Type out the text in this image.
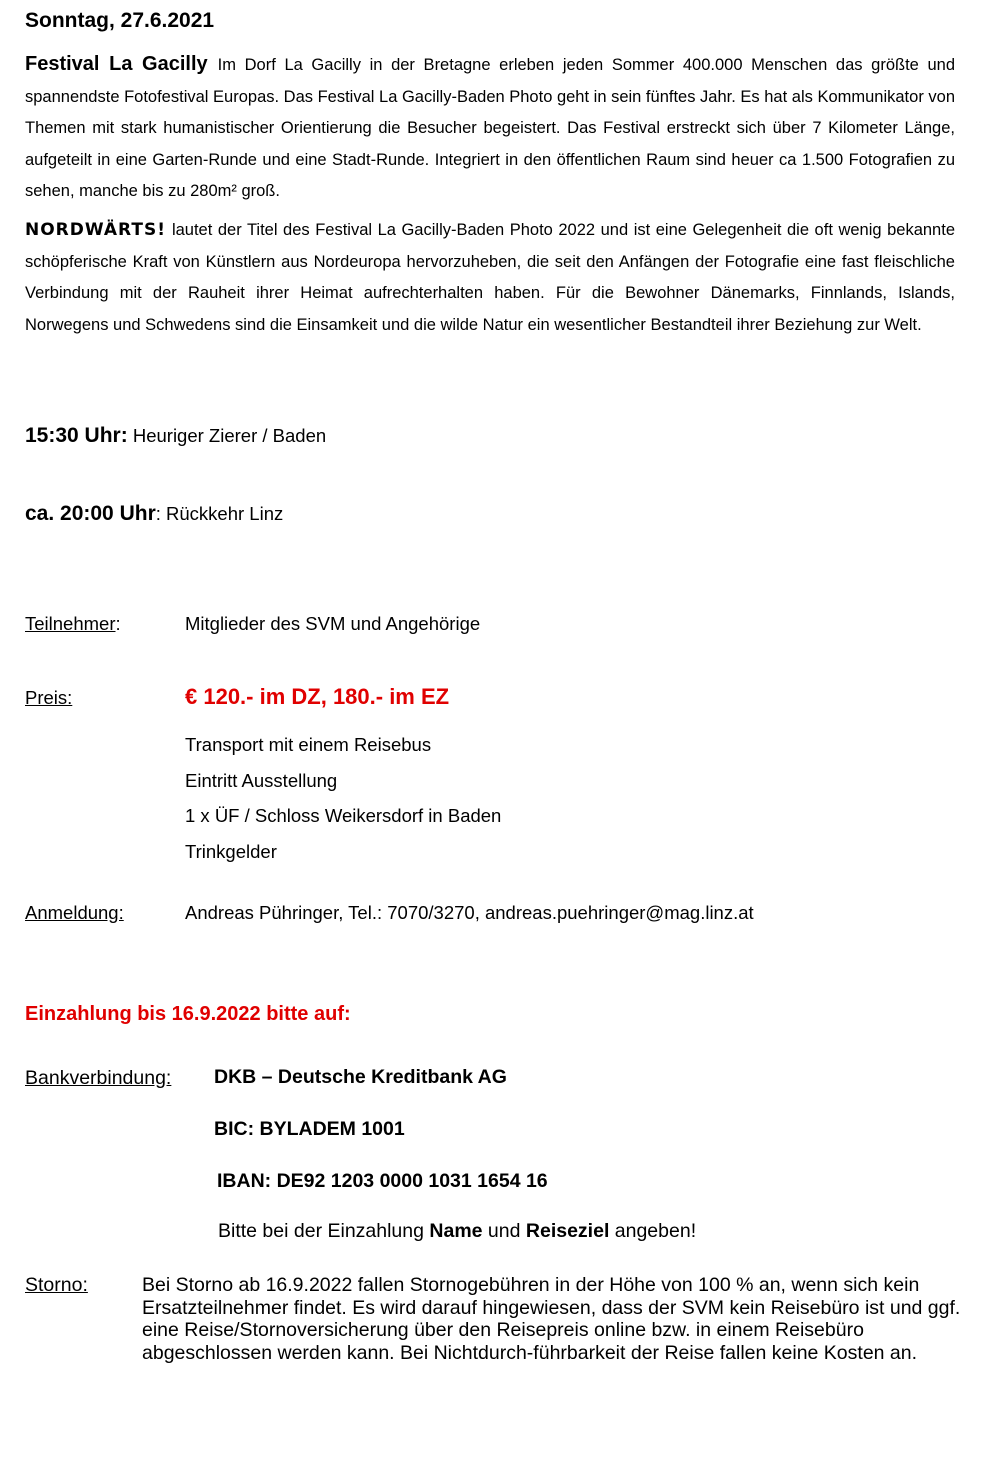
Sonntag, 27.6.2021
Festival La Gacilly Im Dorf La Gacilly in der Bretagne erleben jeden Sommer 400.000 Menschen das größte und spannendste Fotofestival Europas. Das Festival La Gacilly-Baden Photo geht in sein fünftes Jahr. Es hat als Kommunikator von Themen mit stark humanistischer Orientierung die Besucher begeistert. Das Festival erstreckt sich über 7 Kilometer Länge, aufgeteilt in eine Garten-Runde und eine Stadt-Runde. Integriert in den öffentlichen Raum sind heuer ca 1.500 Fotografien zu sehen, manche bis zu 280m² groß.
NORDWÄRTS! lautet der Titel des Festival La Gacilly-Baden Photo 2022 und ist eine Gelegenheit die oft wenig bekannte schöpferische Kraft von Künstlern aus Nordeuropa hervorzuheben, die seit den Anfängen der Fotografie eine fast fleischliche Verbindung mit der Rauheit ihrer Heimat aufrechterhalten haben. Für die Bewohner Dänemarks, Finnlands, Islands, Norwegens und Schwedens sind die Einsamkeit und die wilde Natur ein wesentlicher Bestandteil ihrer Beziehung zur Welt.
15:30 Uhr: Heuriger Zierer / Baden
ca. 20:00 Uhr: Rückkehr Linz
Teilnehmer:	Mitglieder des SVM und Angehörige
Preis:	€ 120.- im DZ, 180.- im EZ
Transport mit einem Reisebus
Eintritt Ausstellung
1 x ÜF / Schloss Weikersdorf in Baden
Trinkgelder
Anmeldung:	Andreas Pühringer, Tel.: 7070/3270, andreas.puehringer@mag.linz.at
Einzahlung bis 16.9.2022 bitte auf:
Bankverbindung: DKB – Deutsche Kreditbank AG
BIC: BYLADEM 1001
IBAN: DE92 1203 0000 1031 1654 16
Bitte bei der Einzahlung Name und Reiseziel angeben!
Storno:	Bei Storno ab 16.9.2022 fallen Stornogebühren in der Höhe von 100 % an, wenn sich kein Ersatzteilnehmer findet. Es wird darauf hingewiesen, dass der SVM kein Reisebüro ist und ggf. eine Reise/Stornoversicherung über den Reisepreis online bzw. in einem Reisebüro abgeschlossen werden kann. Bei Nichtdurch-führbarkeit der Reise fallen keine Kosten an.
